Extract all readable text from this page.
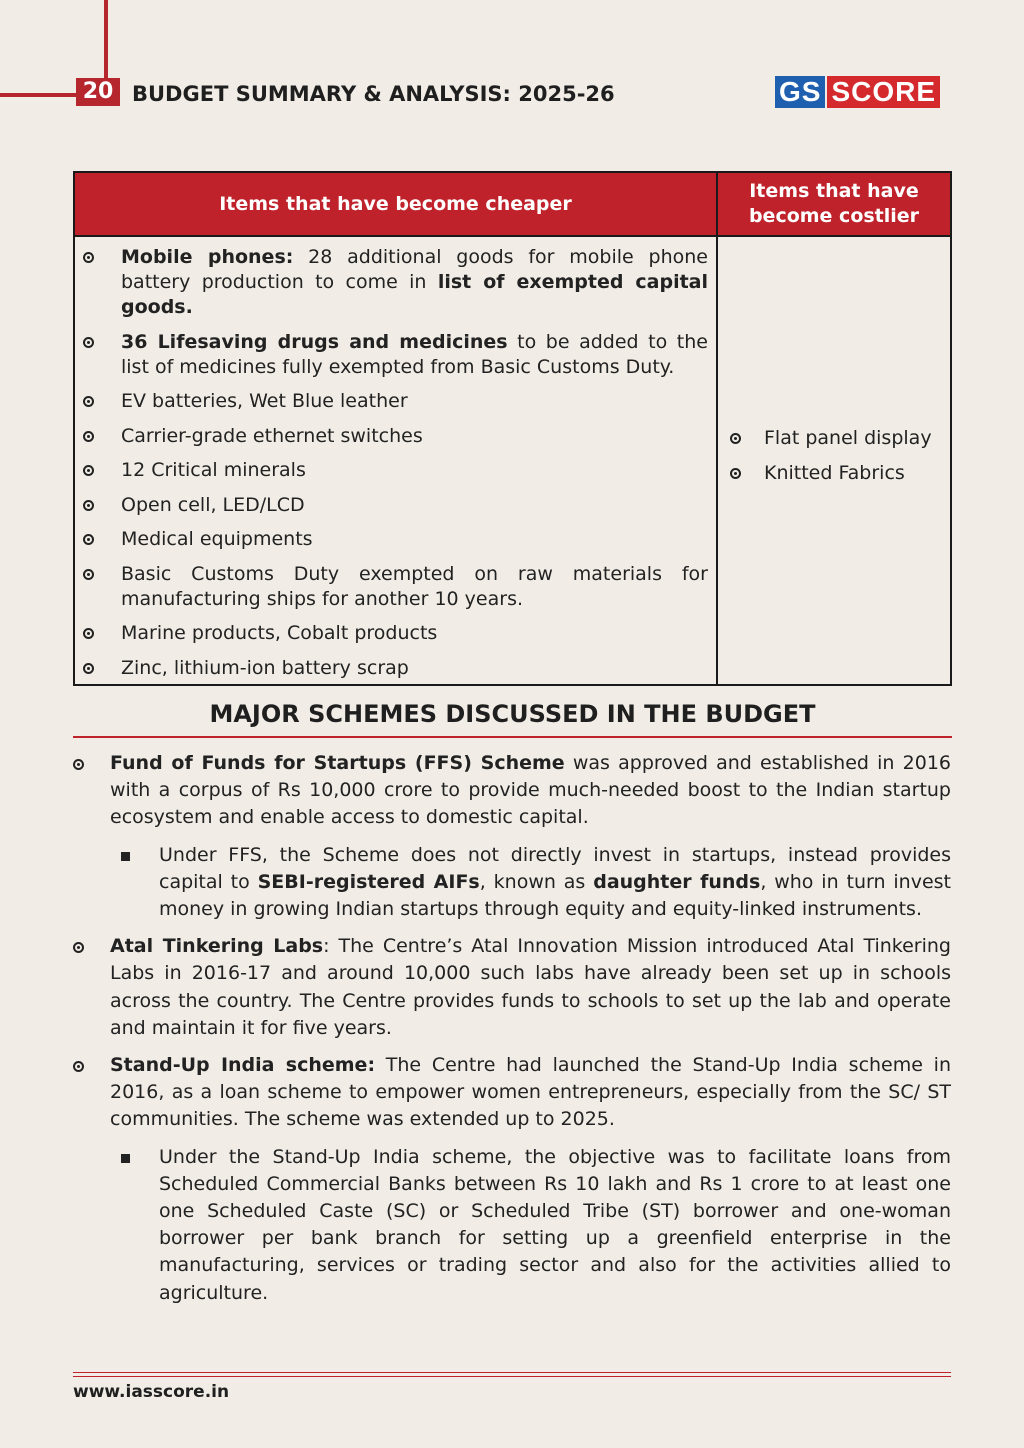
20 BUDGET SUMMARY & ANALYSIS: 2025-26	GS SCORE
Items that have become cheaper
Items that have become costlier
Mobile phones: 28 additional goods for mobile phone battery production to come in list of exempted capital goods.
36 Lifesaving drugs and medicines to be added to the list of medicines fully exempted from Basic Customs Duty.
EV batteries, Wet Blue leather
Carrier-grade ethernet switches
12 Critical minerals
Open cell, LED/LCD
Medical equipments
Basic Customs Duty exempted on raw materials for manufacturing ships for another 10 years.
Marine products, Cobalt products
Zinc, lithium-ion battery scrap
Flat panel display
Knitted Fabrics
MAJOR SCHEMES DISCUSSED IN THE BUDGET
Fund of Funds for Startups (FFS) Scheme was approved and established in 2016 with a corpus of Rs 10,000 crore to provide much-needed boost to the Indian startup ecosystem and enable access to domestic capital.
Under FFS, the Scheme does not directly invest in startups, instead provides capital to SEBI-registered AIFs, known as daughter funds, who in turn invest money in growing Indian startups through equity and equity-linked instruments.
Atal Tinkering Labs: The Centre’s Atal Innovation Mission introduced Atal Tinkering Labs in 2016-17 and around 10,000 such labs have already been set up in schools across the country. The Centre provides funds to schools to set up the lab and operate and maintain it for five years.
Stand-Up India scheme: The Centre had launched the Stand-Up India scheme in 2016, as a loan scheme to empower women entrepreneurs, especially from the SC/ ST communities. The scheme was extended up to 2025.
Under the Stand-Up India scheme, the objective was to facilitate loans from Scheduled Commercial Banks between Rs 10 lakh and Rs 1 crore to at least one one Scheduled Caste (SC) or Scheduled Tribe (ST) borrower and one-woman borrower per bank branch for setting up a greenfield enterprise in the manufacturing, services or trading sector and also for the activities allied to agriculture.
www.iasscore.in
